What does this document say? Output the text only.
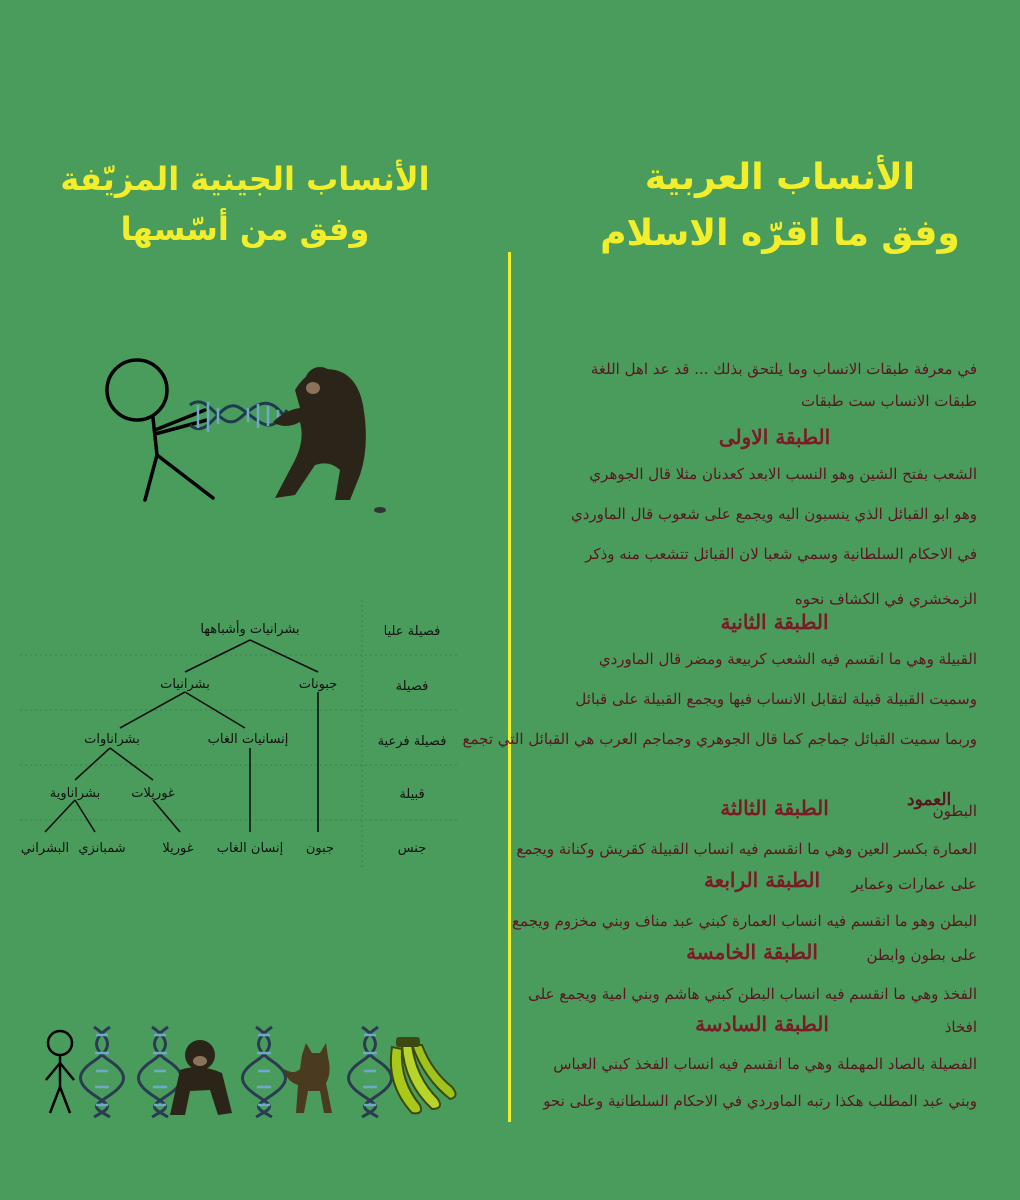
الأنساب العربية
وفق ما اقرّه الاسلام
الأنساب الجينية المزيّفة
وفق من أسّسها
في معرفة طبقات الانساب وما يلتحق بذلك ... قد عد اهل اللغة
طبقات الانساب ست طبقات
الطبقة الاولى
الشعب بفتح الشين وهو النسب الابعد كعدنان مثلا قال الجوهري
وهو ابو القبائل الذي ينسبون اليه ويجمع على شعوب قال الماوردي
في الاحكام السلطانية وسمي شعبا لان القبائل تتشعب منه وذكر
الزمخشري في الكشاف نحوه
الطبقة الثانية
القبيلة وهي ما انقسم فيه الشعب كربيعة ومضر قال الماوردي
وسميت القبيلة قبيلة لتقابل الانساب فيها ويجمع القبيلة على قبائل
وربما سميت القبائل جماجم كما قال الجوهري وجماجم العرب هي القبائل التي تجمع
البطون
الطبقة الثالثة
العمارة بكسر العين وهي ما انقسم فيه انساب القبيلة كقريش وكنانة ويجمع
على عمارات وعماير
الطبقة الرابعة
البطن وهو ما انقسم فيه انساب العمارة كبني عبد مناف وبني مخزوم ويجمع
على بطون وابطن
الطبقة الخامسة
الفخذ وهي ما انقسم فيه انساب البطن كبني هاشم وبني امية ويجمع على
افخاذ
الطبقة السادسة
الفصيلة بالصاد المهملة وهي ما انقسم فيه انساب الفخذ كبني العباس
وبني عبد المطلب هكذا رتبه الماوردي في الاحكام السلطانية وعلى نحو
العمود
فصيلة عليا
فصيلة
فصيلة فرعية
قبيلة
جنس
بشرانيات وأشباهها
بشرانيات	جبونات
بشراناوات	إنسانيات الغاب
بشراناوية غوريلات
البشراني شمبانزي	غوريلا إنسان الغاب جبون
